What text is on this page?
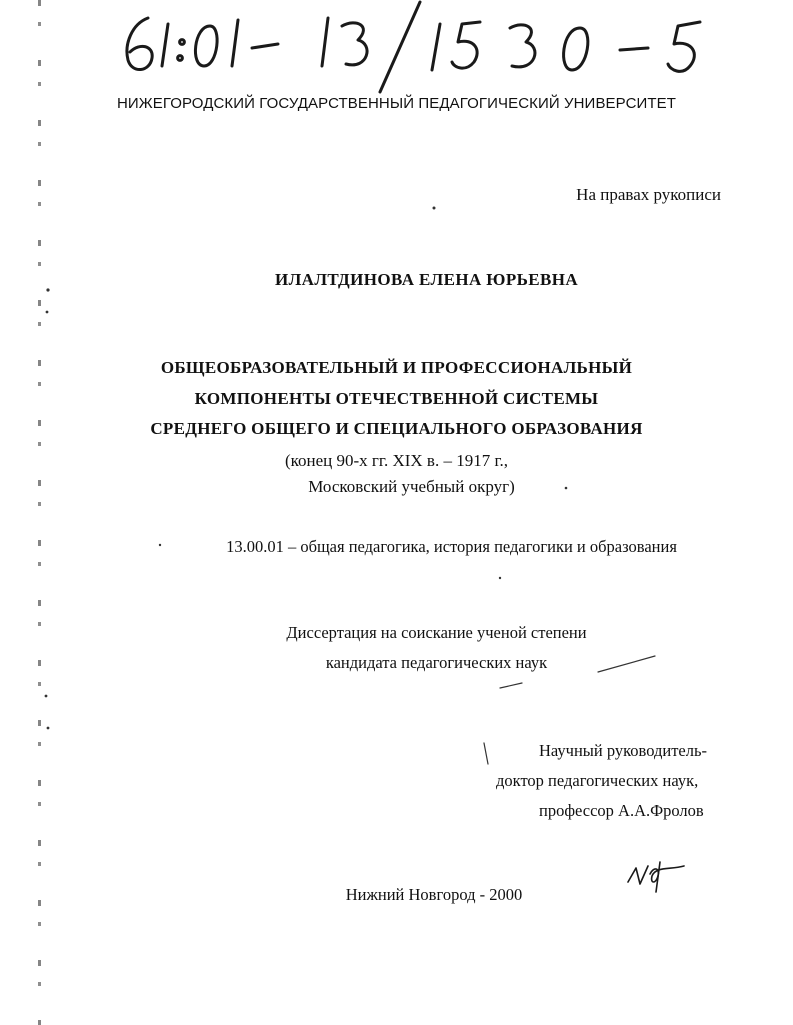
НИЖЕГОРОДСКИЙ ГОСУДАРСТВЕННЫЙ ПЕДАГОГИЧЕСКИЙ УНИВЕРСИТЕТ
На правах рукописи
ИЛАЛТДИНОВА ЕЛЕНА ЮРЬЕВНА
ОБЩЕОБРАЗОВАТЕЛЬНЫЙ И ПРОФЕССИОНАЛЬНЫЙ
КОМПОНЕНТЫ ОТЕЧЕСТВЕННОЙ СИСТЕМЫ
СРЕДНЕГО ОБЩЕГО И СПЕЦИАЛЬНОГО ОБРАЗОВАНИЯ
(конец 90-х гг. XIX в. – 1917 г.,
Московский учебный округ)
13.00.01 – общая педагогика, история педагогики и образования
Диссертация на соискание ученой степени
кандидата педагогических наук
Научный руководитель-
доктор педагогических наук,
профессор А.А.Фролов
Нижний Новгород - 2000
